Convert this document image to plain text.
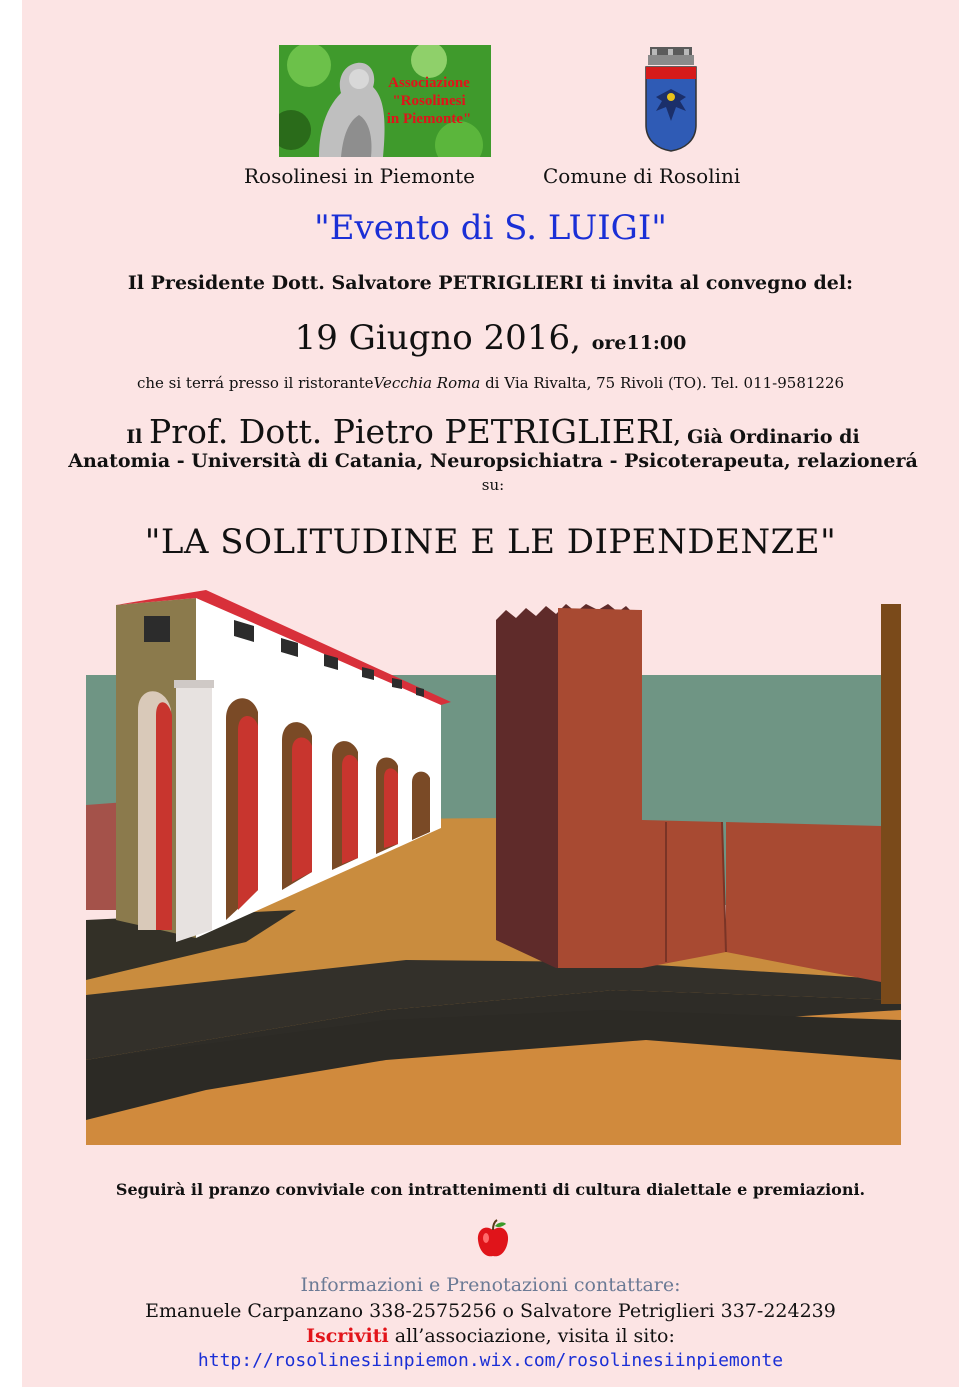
Associazione
"Rosolinesi
in Piemonte"
Rosolinesi in Piemonte	Comune di Rosolini
"Evento di S. LUIGI"
Il Presidente Dott. Salvatore PETRIGLIERI ti invita al convegno del:
19 Giugno 2016, ore11:00
che si terrá presso il ristoranteVecchia Roma di Via Rivalta, 75 Rivoli (TO). Tel. 011-9581226
Il Prof. Dott. Pietro PETRIGLIERI, Già Ordinario di
Anatomia - Università di Catania, Neuropsichiatra - Psicoterapeuta, relazionerá
su:
"LA SOLITUDINE E LE DIPENDENZE"
Seguirà il pranzo conviviale con intrattenimenti di cultura dialettale e premiazioni.
Informazioni e Prenotazioni contattare:
Emanuele Carpanzano 338-2575256 o Salvatore Petriglieri 337-224239
Iscriviti all’associazione, visita il sito:
http://rosolinesiinpiemon.wix.com/rosolinesiinpiemonte
